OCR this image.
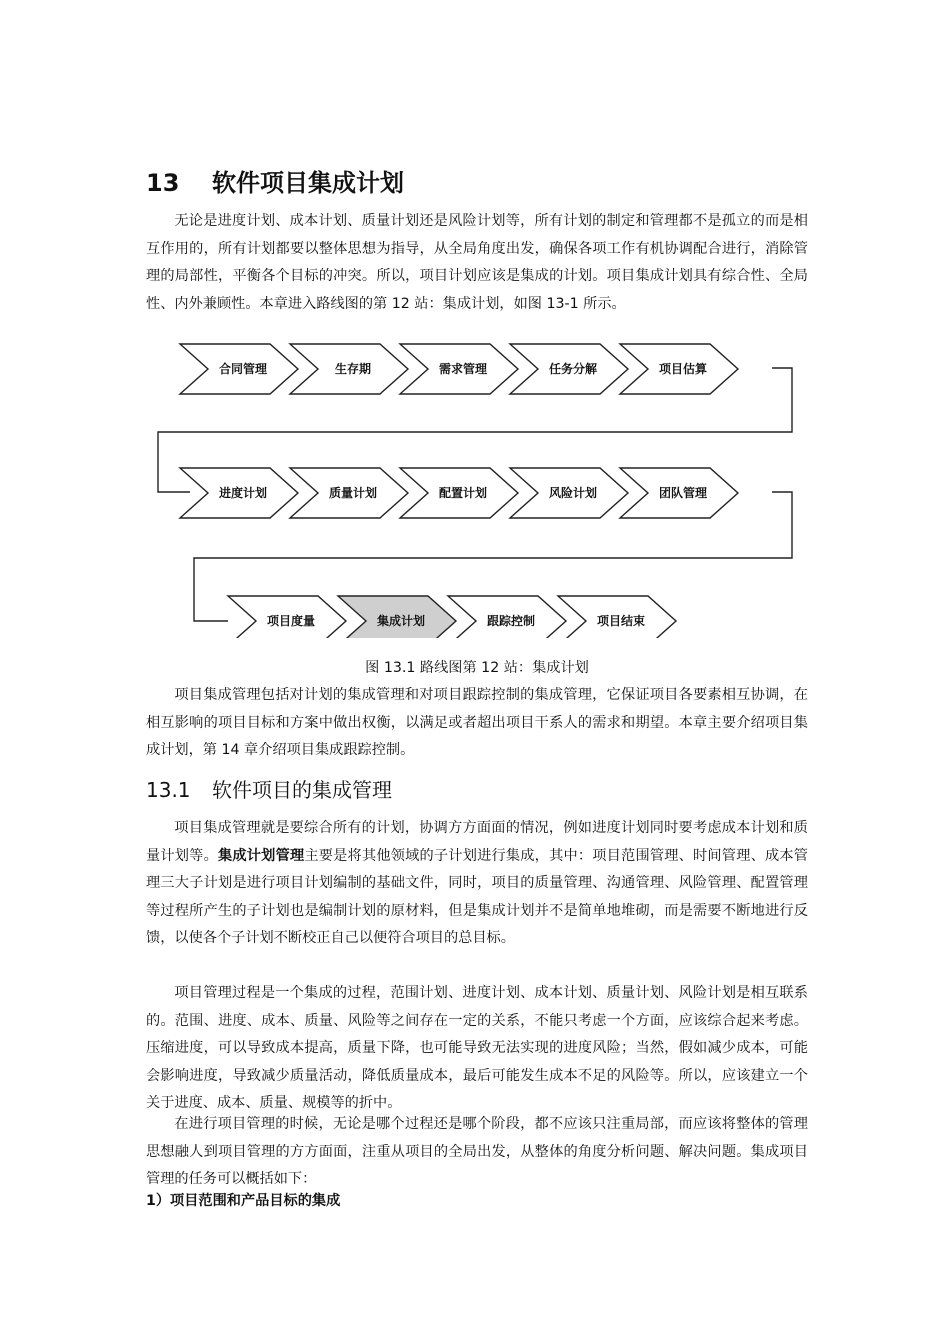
13 软件项目集成计划

无论是进度计划、成本计划、质量计划还是风险计划等，所有计划的制定和管理都不是孤立的而是相互作用的，所有计划都要以整体思想为指导，从全局角度出发，确保各项工作有机协调配合进行，消除管理的局部性，平衡各个目标的冲突。所以，项目计划应该是集成的计划。项目集成计划具有综合性、全局性、内外兼顾性。本章进入路线图的第 12 站：集成计划，如图 13-1 所示。

合同管理	生存期	需求管理	任务分解	项目估算
进度计划	质量计划	配置计划	风险计划	团队管理
项目度量	集成计划	跟踪控制	项目结束
图 13.1 路线图第 12 站：集成计划

项目集成管理包括对计划的集成管理和对项目跟踪控制的集成管理，它保证项目各要素相互协调，在相互影响的项目目标和方案中做出权衡，以满足或者超出项目干系人的需求和期望。本章主要介绍项目集成计划，第 14 章介绍项目集成跟踪控制。

13.1 软件项目的集成管理

项目集成管理就是要综合所有的计划，协调方方面面的情况，例如进度计划同时要考虑成本计划和质量计划等。集成计划管理主要是将其他领域的子计划进行集成，其中：项目范围管理、时间管理、成本管理三大子计划是进行项目计划编制的基础文件，同时，项目的质量管理、沟通管理、风险管理、配置管理等过程所产生的子计划也是编制计划的原材料，但是集成计划并不是简单地堆砌，而是需要不断地进行反馈，以使各个子计划不断校正自己以便符合项目的总目标。

项目管理过程是一个集成的过程，范围计划、进度计划、成本计划、质量计划、风险计划是相互联系的。范围、进度、成本、质量、风险等之间存在一定的关系，不能只考虑一个方面，应该综合起来考虑。压缩进度，可以导致成本提高，质量下降，也可能导致无法实现的进度风险；当然，假如减少成本，可能会影响进度，导致减少质量活动，降低质量成本，最后可能发生成本不足的风险等。所以，应该建立一个关于进度、成本、质量、规模等的折中。

在进行项目管理的时候，无论是哪个过程还是哪个阶段，都不应该只注重局部，而应该将整体的管理思想融人到项目管理的方方面面，注重从项目的全局出发，从整体的角度分析问题、解决问题。集成项目管理的任务可以概括如下：

1）项目范围和产品目标的集成
